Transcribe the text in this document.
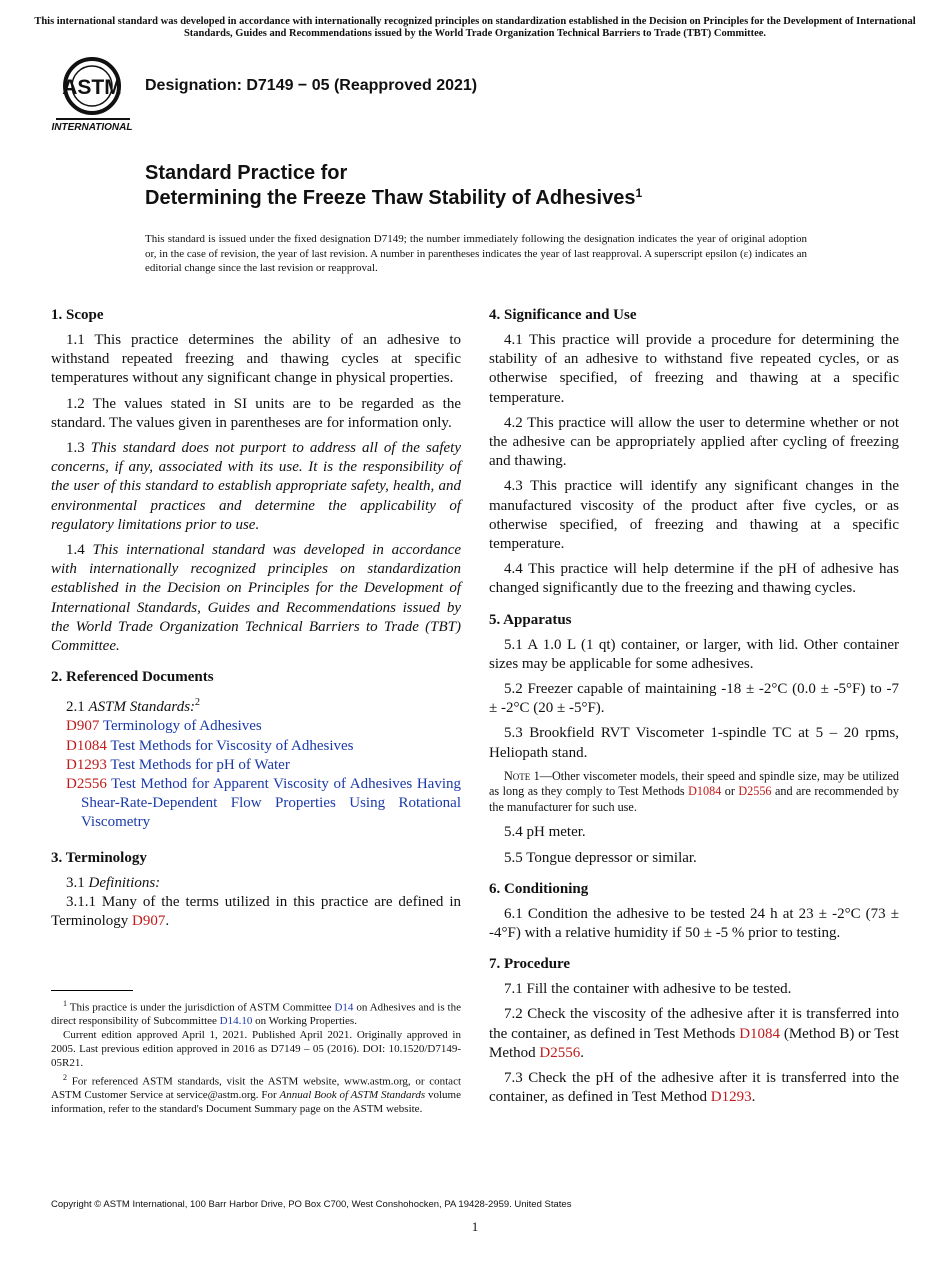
This international standard was developed in accordance with internationally recognized principles on standardization established in the Decision on Principles for the Development of International Standards, Guides and Recommendations issued by the World Trade Organization Technical Barriers to Trade (TBT) Committee.
ASTM
INTERNATIONAL
Designation: D7149 − 05 (Reapproved 2021)
Standard Practice for
Determining the Freeze Thaw Stability of Adhesives$^1$
This standard is issued under the fixed designation D7149; the number immediately following the designation indicates the year of original adoption or, in the case of revision, the year of last revision. A number in parentheses indicates the year of last reapproval. A superscript epsilon (ε) indicates an editorial change since the last revision or reapproval.
1. Scope

1.1 This practice determines the ability of an adhesive to withstand repeated freezing and thawing cycles at specific temperatures without any significant change in physical properties.

1.2 The values stated in SI units are to be regarded as the standard. The values given in parentheses are for information only.

1.3 This standard does not purport to address all of the safety concerns, if any, associated with its use. It is the responsibility of the user of this standard to establish appropriate safety, health, and environmental practices and determine the applicability of regulatory limitations prior to use.

1.4 This international standard was developed in accordance with internationally recognized principles on standardization established in the Decision on Principles for the Development of International Standards, Guides and Recommendations issued by the World Trade Organization Technical Barriers to Trade (TBT) Committee.

2. Referenced Documents

2.1 ASTM Standards:$^2$

D907 Terminology of Adhesives
D1084 Test Methods for Viscosity of Adhesives
D1293 Test Methods for pH of Water
D2556 Test Method for Apparent Viscosity of Adhesives Having Shear-Rate-Dependent Flow Properties Using Rotational Viscometry
3. Terminology

3.1 Definitions:

3.1.1 Many of the terms utilized in this practice are defined in Terminology D907.

$^1$ This practice is under the jurisdiction of ASTM Committee D14 on Adhesives and is the direct responsibility of Subcommittee D14.10 on Working Properties.

Current edition approved April 1, 2021. Published April 2021. Originally approved in 2005. Last previous edition approved in 2016 as D7149 – 05 (2016). DOI: 10.1520/D7149-05R21.

$^2$ For referenced ASTM standards, visit the ASTM website, www.astm.org, or contact ASTM Customer Service at service@astm.org. For Annual Book of ASTM Standards volume information, refer to the standard's Document Summary page on the ASTM website.

4. Significance and Use

4.1 This practice will provide a procedure for determining the stability of an adhesive to withstand five repeated cycles, or as otherwise specified, of freezing and thawing at a specific temperature.

4.2 This practice will allow the user to determine whether or not the adhesive can be appropriately applied after cycling of freezing and thawing.

4.3 This practice will identify any significant changes in the manufactured viscosity of the product after five cycles, or as otherwise specified, of freezing and thawing at a specific temperature.

4.4 This practice will help determine if the pH of adhesive has changed significantly due to the freezing and thawing cycles.

5. Apparatus

5.1 A 1.0 L (1 qt) container, or larger, with lid. Other container sizes may be applicable for some adhesives.

5.2 Freezer capable of maintaining -18 ± -2°C (0.0 ± -5°F) to -7 ± -2°C (20 ± -5°F).

5.3 Brookfield RVT Viscometer 1-spindle TC at 5 – 20 rpms, Heliopath stand.

Note 1—Other viscometer models, their speed and spindle size, may be utilized as long as they comply to Test Methods D1084 or D2556 and are recommended by the manufacturer for such use.

5.4 pH meter.

5.5 Tongue depressor or similar.

6. Conditioning

6.1 Condition the adhesive to be tested 24 h at 23 ± -2°C (73 ± -4°F) with a relative humidity if 50 ± -5 % prior to testing.

7. Procedure

7.1 Fill the container with adhesive to be tested.

7.2 Check the viscosity of the adhesive after it is transferred into the container, as defined in Test Methods D1084 (Method B) or Test Method D2556.

7.3 Check the pH of the adhesive after it is transferred into the container, as defined in Test Method D1293.

Copyright © ASTM International, 100 Barr Harbor Drive, PO Box C700, West Conshohocken, PA 19428-2959. United States
1
